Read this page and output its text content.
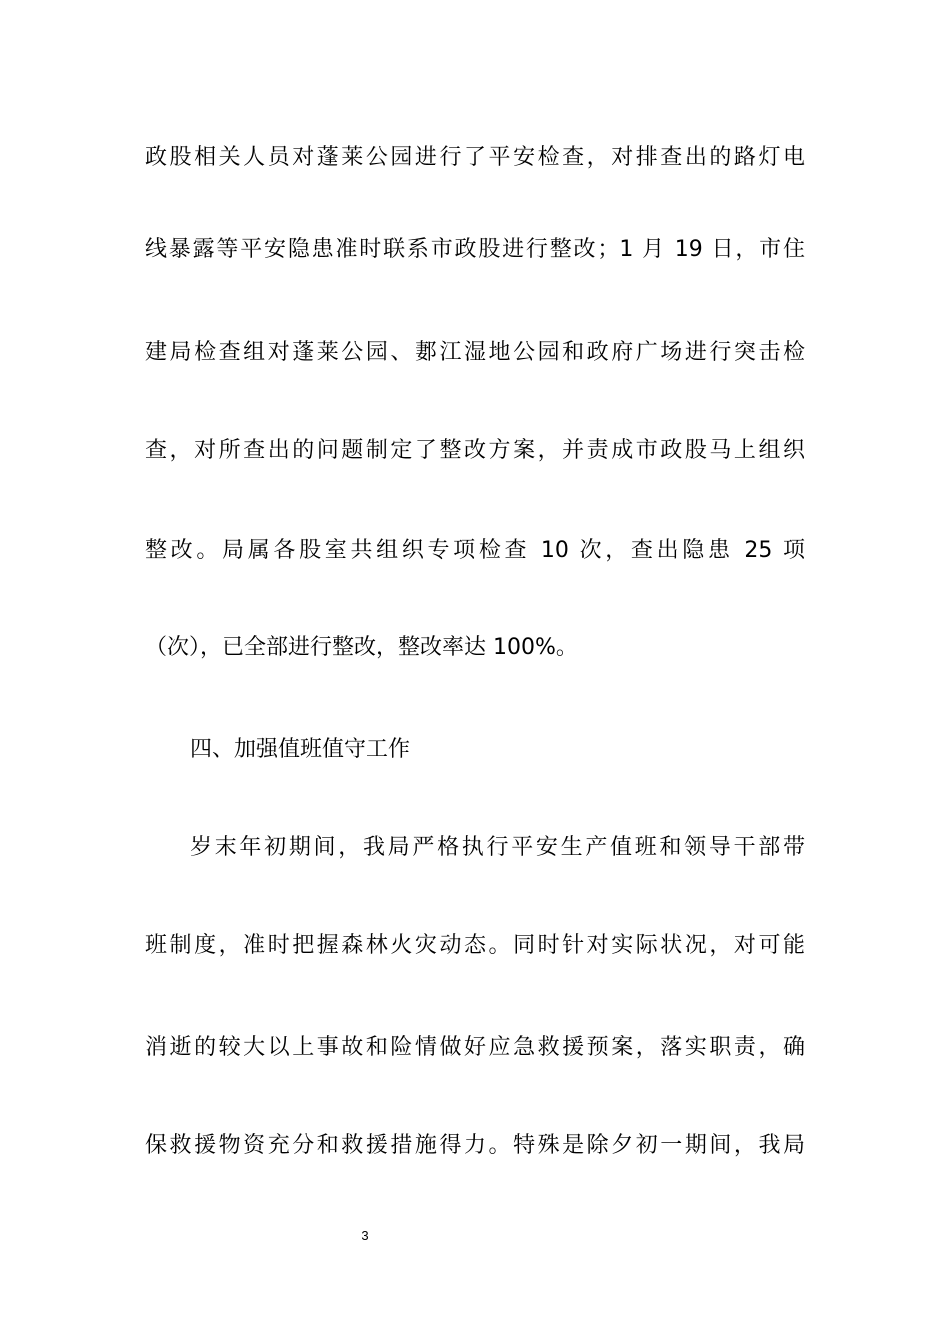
政股相关人员对蓬莱公园进行了平安检查，对排查出的路灯电
线暴露等平安隐患准时联系市政股进行整改；1 月 19 日，市住
建局检查组对蓬莱公园、郪江湿地公园和政府广场进行突击检
查，对所查出的问题制定了整改方案，并责成市政股马上组织
整改。局属各股室共组织专项检查 10 次，查出隐患 25 项
（次），已全部进行整改，整改率达 100%。
四、加强值班值守工作
岁末年初期间，我局严格执行平安生产值班和领导干部带
班制度，准时把握森林火灾动态。同时针对实际状况，对可能
消逝的较大以上事故和险情做好应急救援预案，落实职责，确
保救援物资充分和救援措施得力。特殊是除夕初一期间，我局
3
